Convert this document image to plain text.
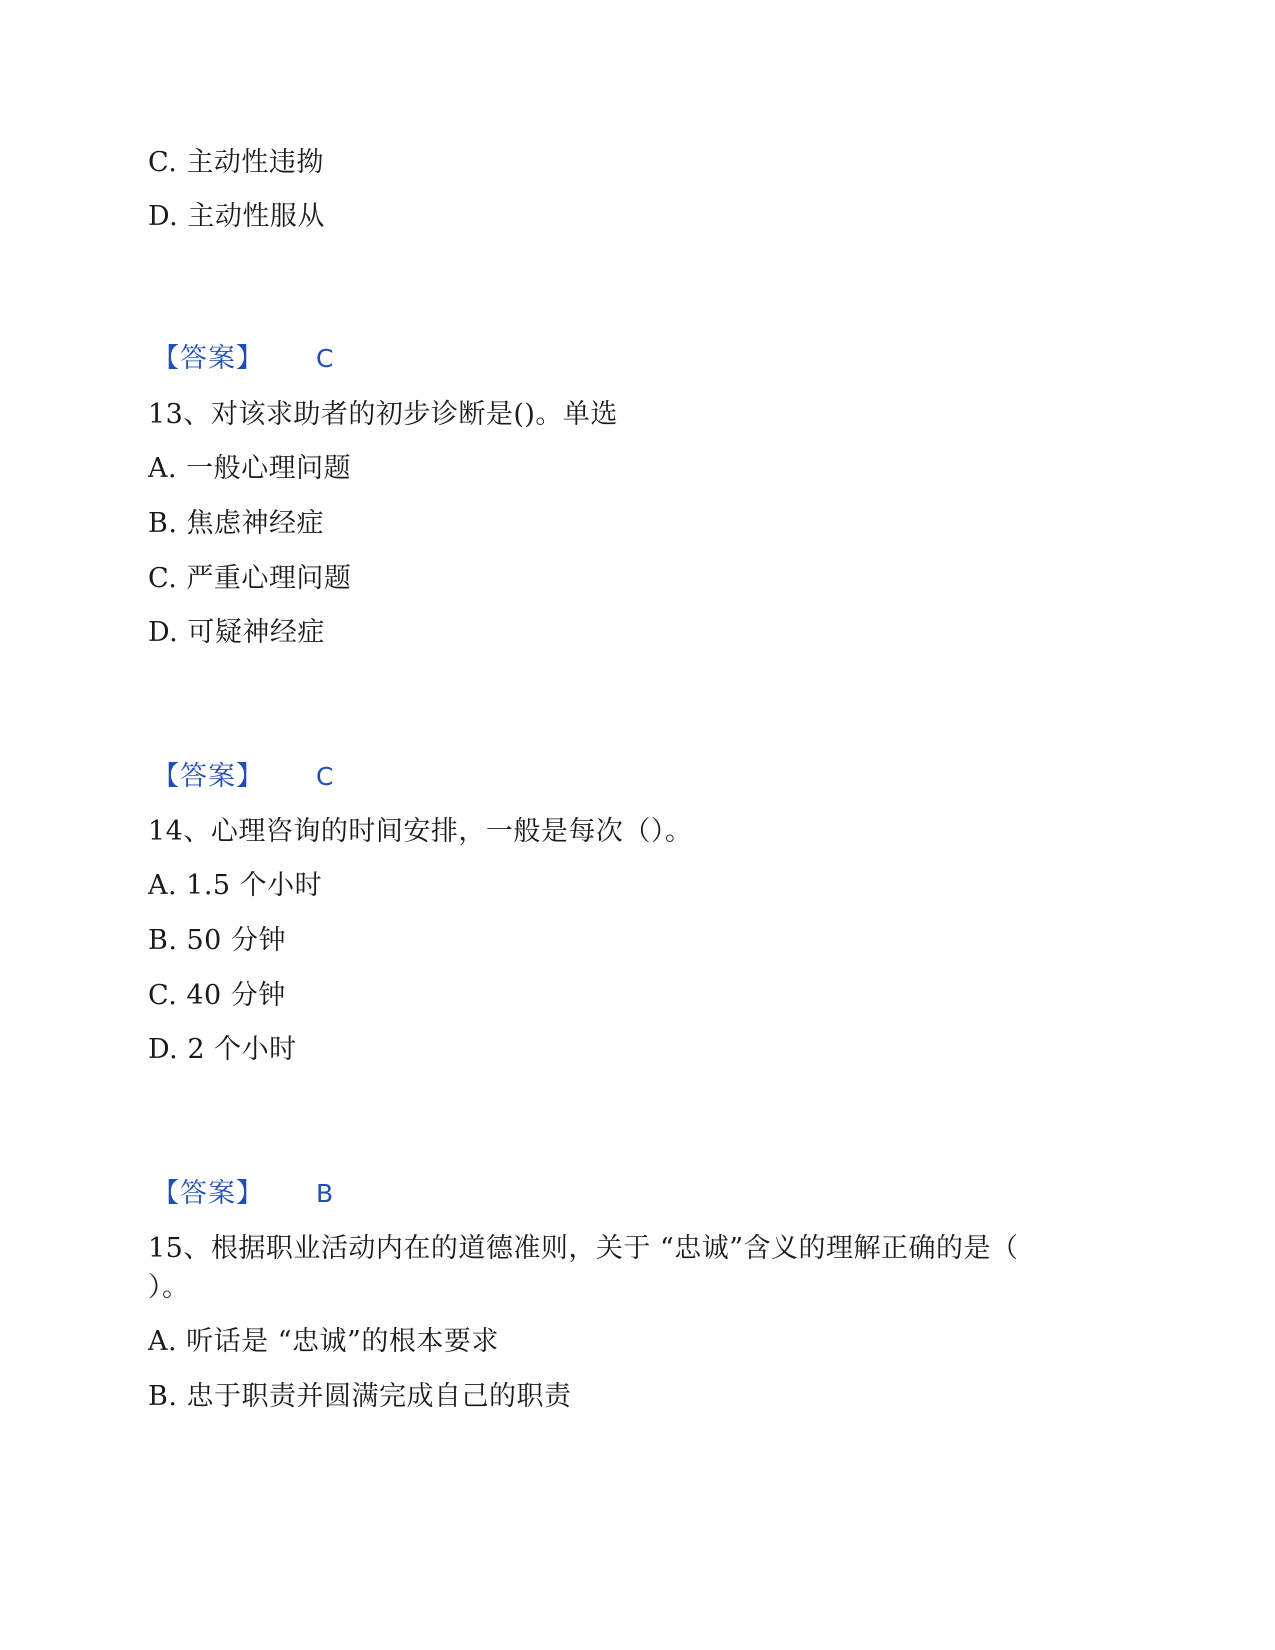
C. 主动性违拗
D. 主动性服从
【答案】 C
13、对该求助者的初步诊断是()。单选
A. 一般心理问题
B. 焦虑神经症
C. 严重心理问题
D. 可疑神经症
【答案】 C
14、心理咨询的时间安排，一般是每次（）。
A. 1.5 个小时
B. 50 分钟
C. 40 分钟
D. 2 个小时
【答案】 B
15、根据职业活动内在的道德准则，关于 “忠诚”含义的理解正确的是（
）。
A. 听话是 “忠诚”的根本要求
B. 忠于职责并圆满完成自己的职责
